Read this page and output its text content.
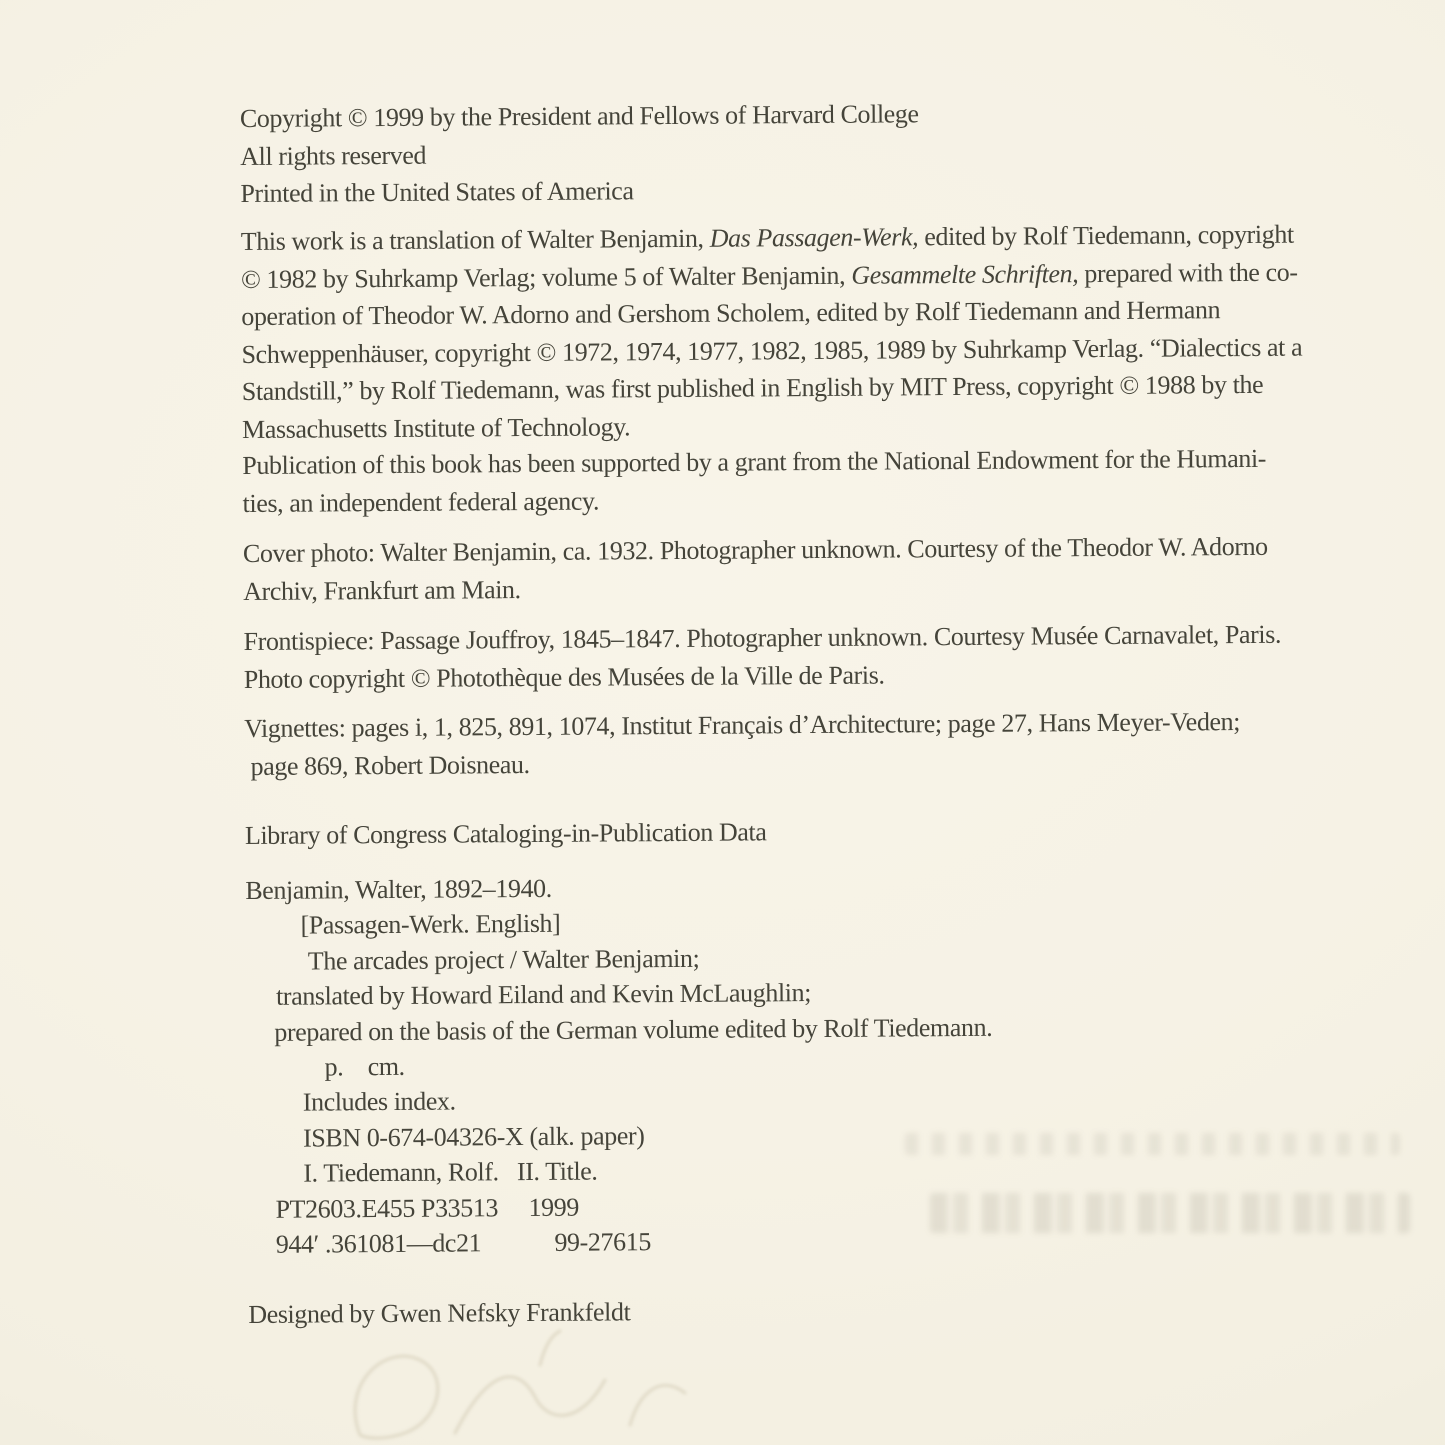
Copyright © 1999 by the President and Fellows of Harvard College
All rights reserved
Printed in the United States of America
This work is a translation of Walter Benjamin, Das Passagen-Werk, edited by Rolf Tiedemann, copyright
© 1982 by Suhrkamp Verlag; volume 5 of Walter Benjamin, Gesammelte Schriften, prepared with the co-
operation of Theodor W. Adorno and Gershom Scholem, edited by Rolf Tiedemann and Hermann
Schweppenhäuser, copyright © 1972, 1974, 1977, 1982, 1985, 1989 by Suhrkamp Verlag. “Dialectics at a
Standstill,” by Rolf Tiedemann, was first published in English by MIT Press, copyright © 1988 by the
Massachusetts Institute of Technology.
Publication of this book has been supported by a grant from the National Endowment for the Humani-
ties, an independent federal agency.
Cover photo: Walter Benjamin, ca. 1932. Photographer unknown. Courtesy of the Theodor W. Adorno
Archiv, Frankfurt am Main.
Frontispiece: Passage Jouffroy, 1845–1847. Photographer unknown. Courtesy Musée Carnavalet, Paris.
Photo copyright © Photothèque des Musées de la Ville de Paris.
Vignettes: pages i, 1, 825, 891, 1074, Institut Français d’Architecture; page 27, Hans Meyer-Veden;
page 869, Robert Doisneau.
Library of Congress Cataloging-in-Publication Data
Benjamin, Walter, 1892–1940.
[Passagen-Werk. English]
The arcades project / Walter Benjamin;
translated by Howard Eiland and Kevin McLaughlin;
prepared on the basis of the German volume edited by Rolf Tiedemann.
p.    cm.
Includes index.
ISBN 0-674-04326-X (alk. paper)
I. Tiedemann, Rolf.   II. Title.
PT2603.E455 P33513     1999
944′ .361081—dc21            99-27615
Designed by Gwen Nefsky Frankfeldt
